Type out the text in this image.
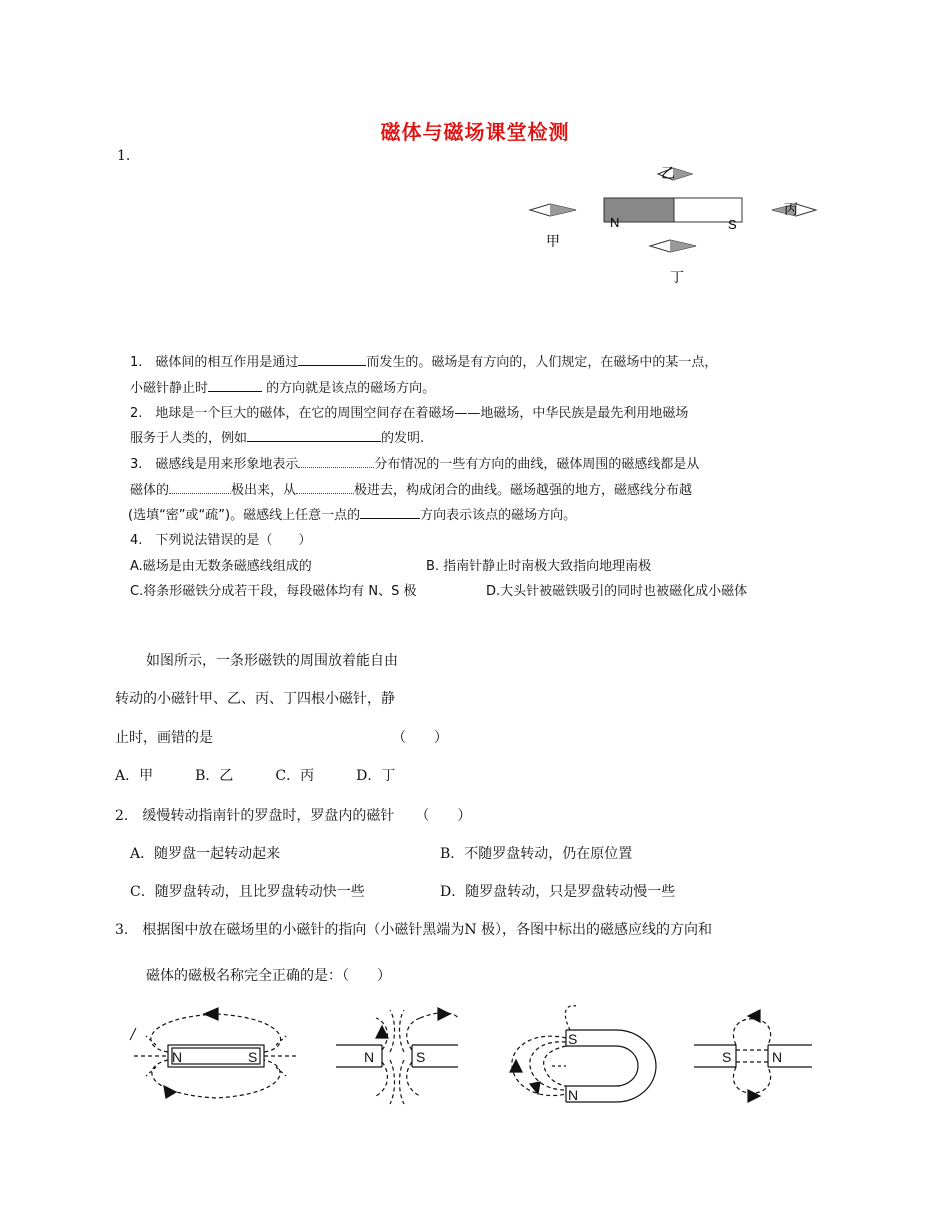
磁体与磁场课堂检测
1.
N	S
甲
乙
丙
丁
1.　磁体间的相互作用是通过	而发生的。磁场是有方向的，人们规定，在磁场中的某一点，
小磁针静止时	的方向就是该点的磁场方向。
2.　地球是一个巨大的磁体，在它的周围空间存在着磁场——地磁场，中华民族是最先利用地磁场
服务于人类的，例如	的发明.
3.　磁感线是用来形象地表示	分布情况的一些有方向的曲线，磁体周围的磁感线都是从
磁体的	极出来，从	极进去，构成闭合的曲线。磁场越强的地方，磁感线分布越
(选填“密”或“疏”)。磁感线上任意一点的	方向表示该点的磁场方向。
4.　下列说法错误的是（　　）
A.磁场是由无数条磁感线组成的	B. 指南针静止时南极大致指向地理南极
C.将条形磁铁分成若干段，每段磁体均有 N、S 极	D.大头针被磁铁吸引的同时也被磁化成小磁体
如图所示，一条形磁铁的周围放着能自由
转动的小磁针甲、乙、丙、丁四根小磁针，静
止时，画错的是	（　　）
A．甲　　　B．乙　　　C．丙　　　D．丁
2.　缓慢转动指南针的罗盘时，罗盘内的磁针　　（　　）
A．随罗盘一起转动起来	B．不随罗盘转动，仍在原位置
C．随罗盘转动，且比罗盘转动快一些	D．随罗盘转动，只是罗盘转动慢一些
3.　根据图中放在磁场里的小磁针的指向（小磁针黑端为N 极），各图中标出的磁感应线的方向和
磁体的磁极名称完全正确的是：（　　）
N	S	N	S
S
N
S	N
